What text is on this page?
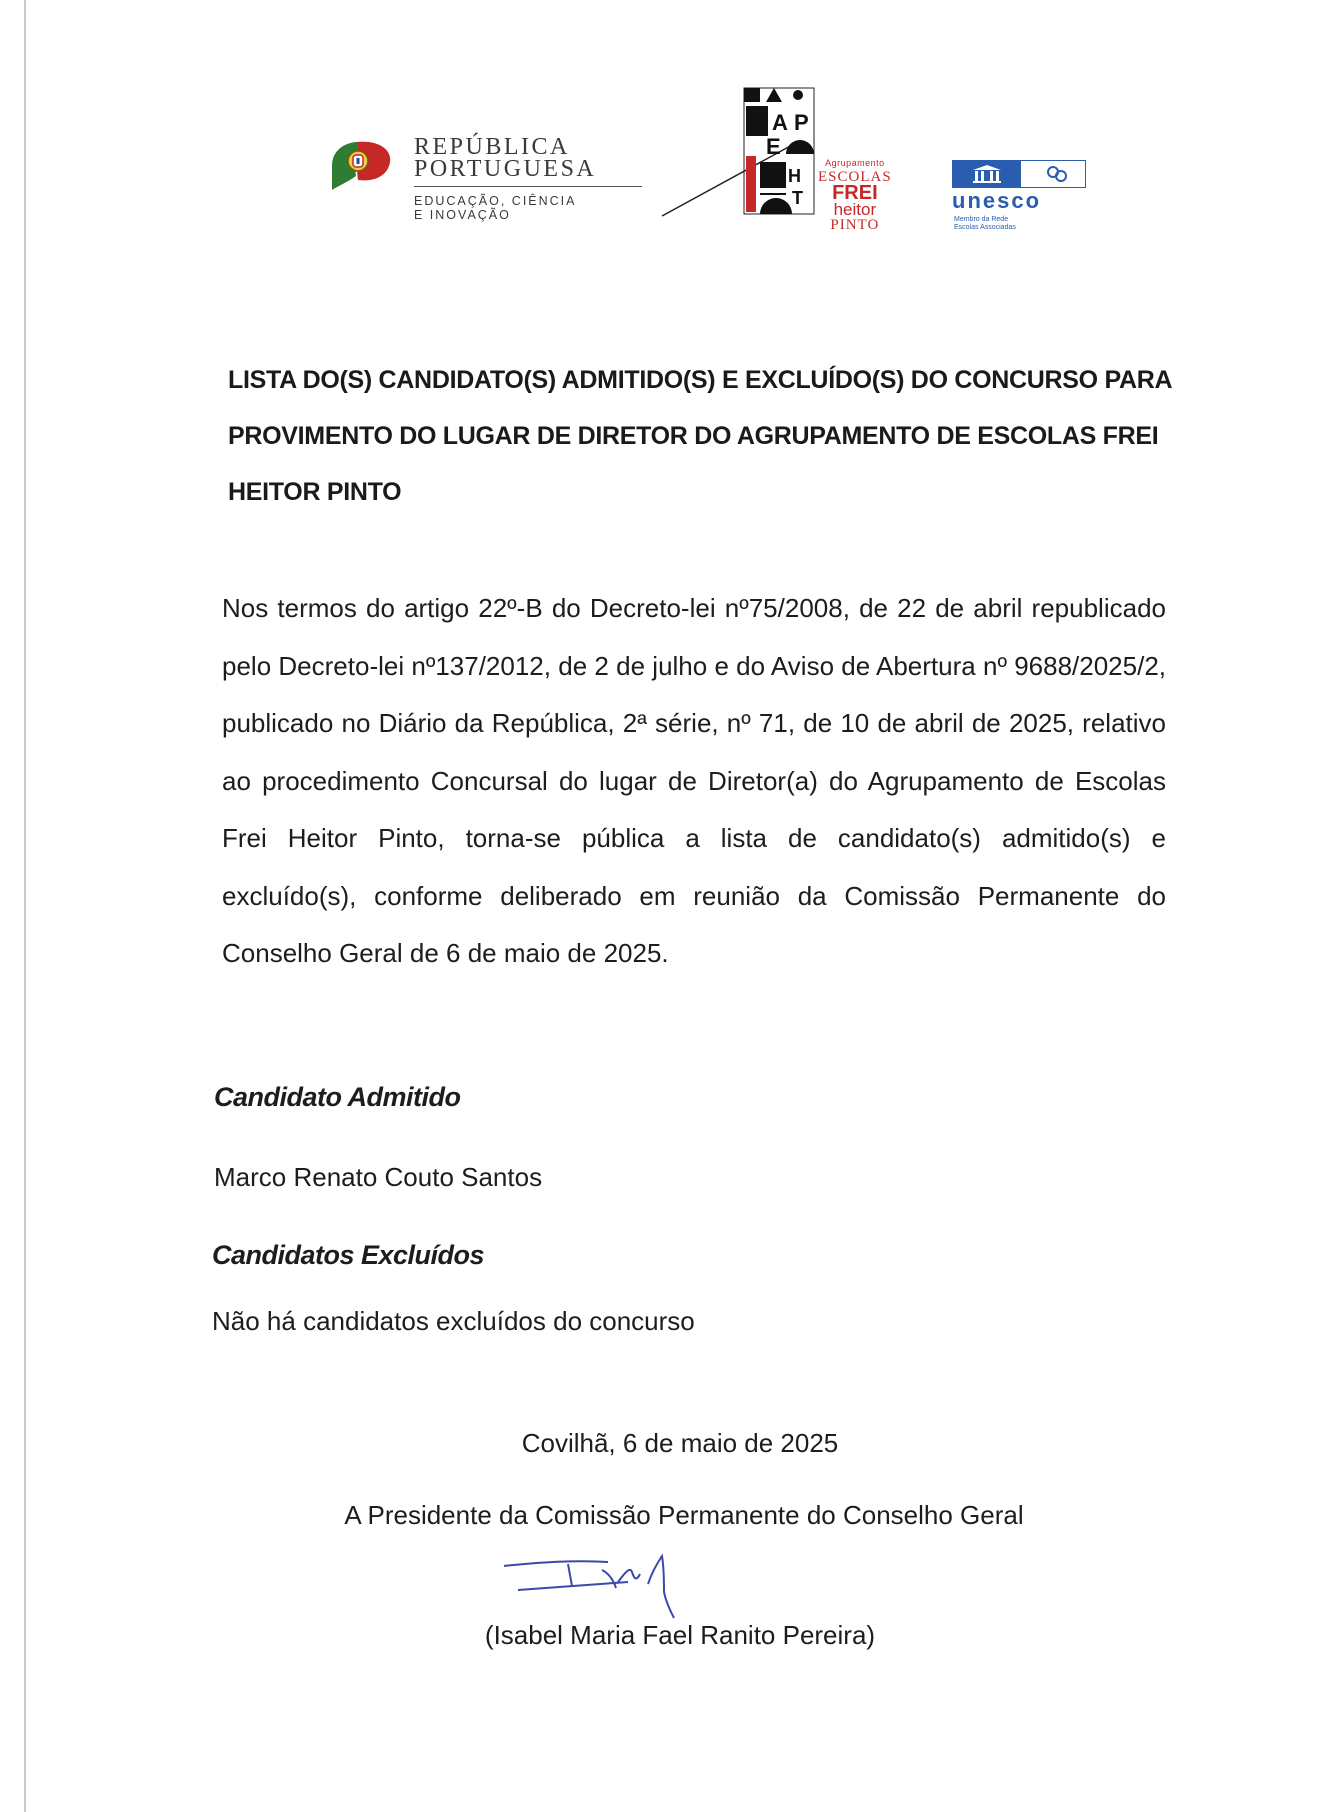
REPÚBLICA
PORTUGUESA
EDUCAÇÃO, CIÊNCIA
E INOVAÇÃO
A P
E
H
T
Agrupamento
ESCOLAS
FREI
heitor
PINTO
unesco
Membro da Rede
Escolas Associadas
LISTA DO(S) CANDIDATO(S) ADMITIDO(S) E EXCLUÍDO(S) DO CONCURSO PARA PROVIMENTO DO LUGAR DE DIRETOR DO AGRUPAMENTO DE ESCOLAS FREI HEITOR PINTO
Nos termos do artigo 22º-B do Decreto-lei nº75/2008, de 22 de abril republicado pelo Decreto-lei nº137/2012, de 2 de julho e do Aviso de Abertura nº 9688/2025/2, publicado no Diário da República, 2ª série, nº 71, de 10 de abril de 2025, relativo ao procedimento Concursal do lugar de Diretor(a) do Agrupamento de Escolas Frei Heitor Pinto, torna-se pública a lista de candidato(s) admitido(s) e excluído(s), conforme deliberado em reunião da Comissão Permanente do Conselho Geral de 6 de maio de 2025.
Candidato Admitido
Marco Renato Couto Santos
Candidatos Excluídos
Não há candidatos excluídos do concurso
Covilhã, 6 de maio de 2025
A Presidente da Comissão Permanente do Conselho Geral
(Isabel Maria Fael Ranito Pereira)
